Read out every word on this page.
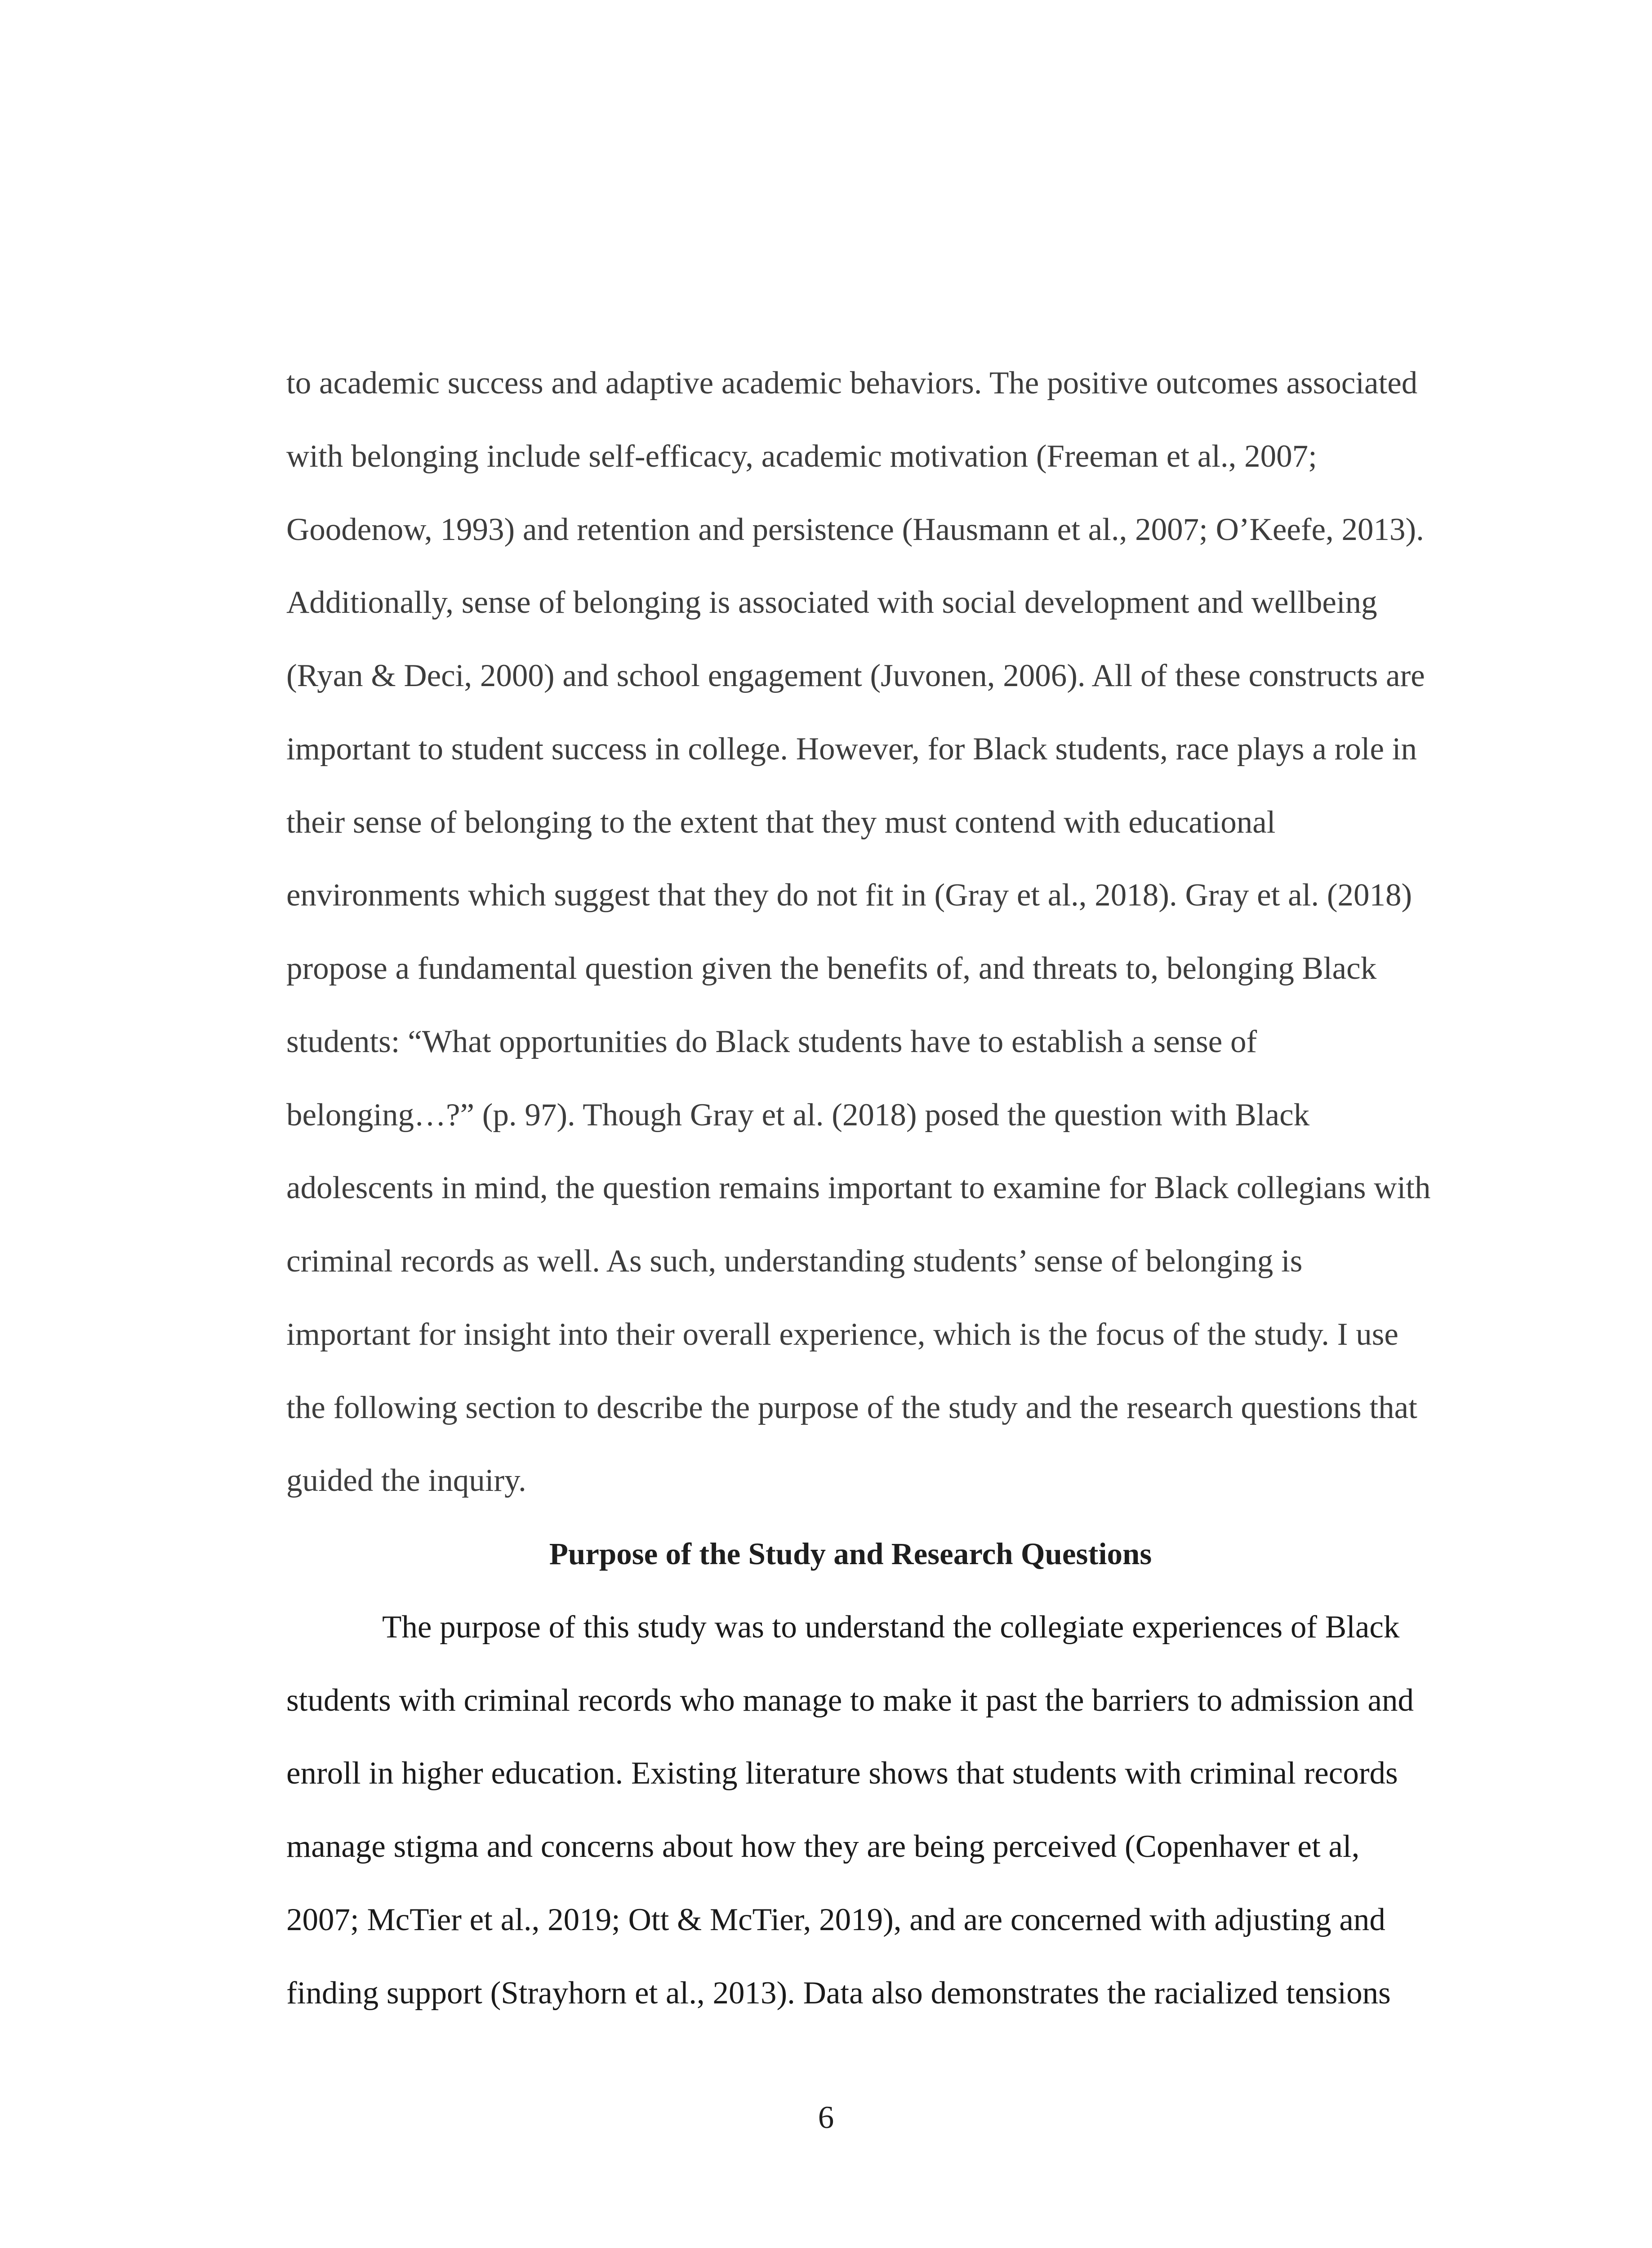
to academic success and adaptive academic behaviors. The positive outcomes associated
with belonging include self-efficacy, academic motivation (Freeman et al., 2007;
Goodenow, 1993) and retention and persistence (Hausmann et al., 2007; O’Keefe, 2013).
Additionally, sense of belonging is associated with social development and wellbeing
(Ryan & Deci, 2000) and school engagement (Juvonen, 2006). All of these constructs are
important to student success in college. However, for Black students, race plays a role in
their sense of belonging to the extent that they must contend with educational
environments which suggest that they do not fit in (Gray et al., 2018). Gray et al. (2018)
propose a fundamental question given the benefits of, and threats to, belonging Black
students: “What opportunities do Black students have to establish a sense of
belonging…?” (p. 97). Though Gray et al. (2018) posed the question with Black
adolescents in mind, the question remains important to examine for Black collegians with
criminal records as well. As such, understanding students’ sense of belonging is
important for insight into their overall experience, which is the focus of the study. I use
the following section to describe the purpose of the study and the research questions that
guided the inquiry.
Purpose of the Study and Research Questions
The purpose of this study was to understand the collegiate experiences of Black
students with criminal records who manage to make it past the barriers to admission and
enroll in higher education. Existing literature shows that students with criminal records
manage stigma and concerns about how they are being perceived (Copenhaver et al,
2007; McTier et al., 2019; Ott & McTier, 2019), and are concerned with adjusting and
finding support (Strayhorn et al., 2013). Data also demonstrates the racialized tensions
6
